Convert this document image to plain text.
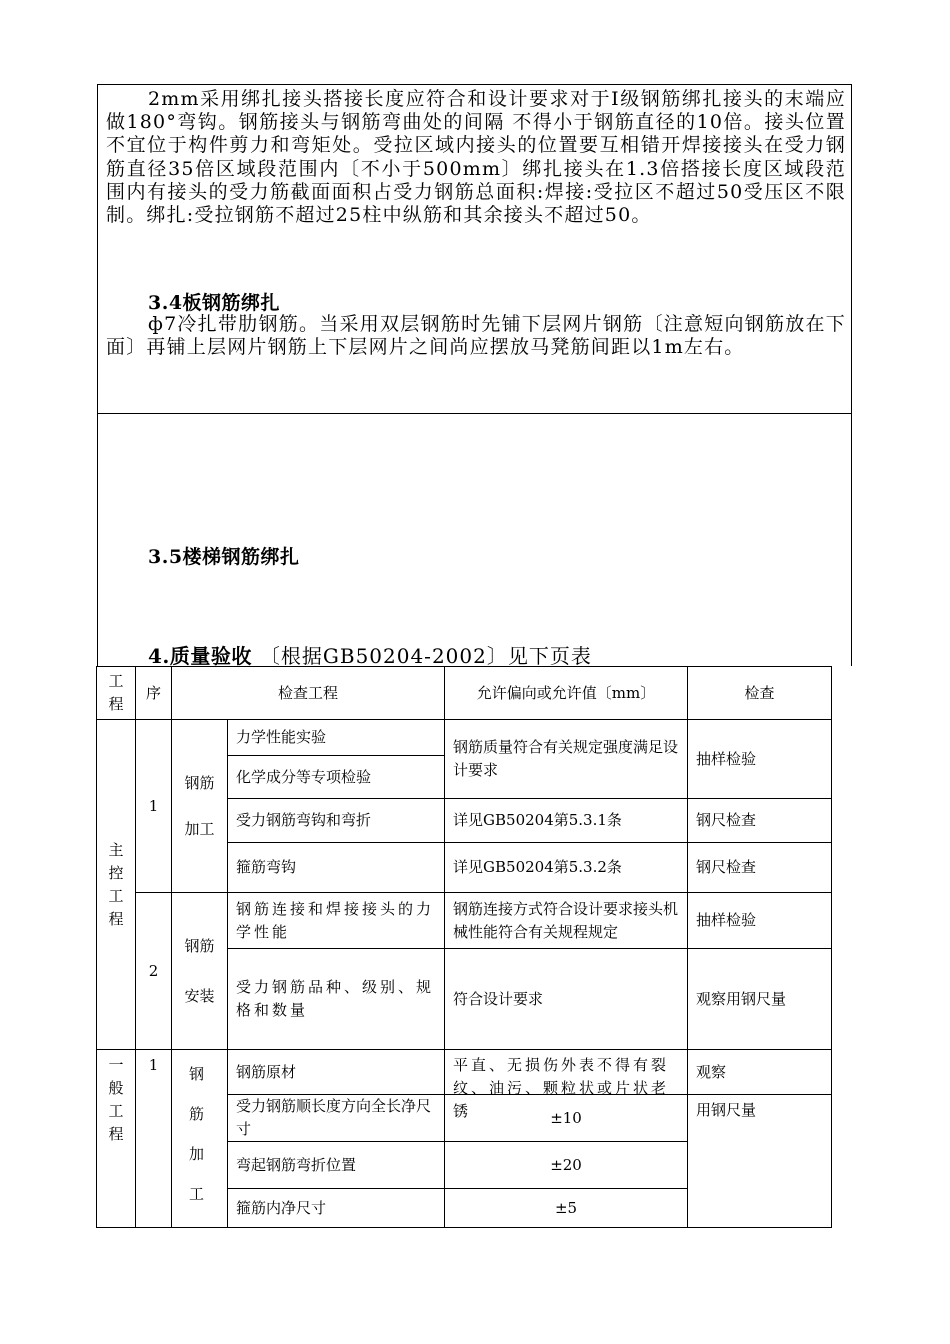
2mm采用绑扎接头搭接长度应符合和设计要求对于Ⅰ级钢筋绑扎接头的末端应做180°弯钩。钢筋接头与钢筋弯曲处的间隔 不得小于钢筋直径的10倍。接头位置不宜位于构件剪力和弯矩处。受拉区域内接头的位置要互相错开焊接接头在受力钢筋直径35倍区域段范围内〔不小于500mm〕绑扎接头在1.3倍搭接长度区域段范围内有接头的受力筋截面面积占受力钢筋总面积:焊接:受拉区不超过50受压区不限制。绑扎:受拉钢筋不超过25柱中纵筋和其余接头不超过50。
3.4板钢筋绑扎
ф7冷扎带肋钢筋。当采用双层钢筋时先铺下层网片钢筋〔注意短向钢筋放在下面〕再铺上层网片钢筋上下层网片之间尚应摆放马凳筋间距以1m左右。
3.5楼梯钢筋绑扎
4.质量验收 〔根据GB50204-2002〕见下页表
工程	序	检查工程		允许偏向或允许值〔mm〕	检查

主控工程	1	钢筋加工	力学性能实验	钢筋质量符合有关规定强度满足设计要求	抽样检验
			化学成分等专项检验		
			受力钢筋弯钩和弯折	详见GB50204第5.3.1条	钢尺检查
			箍筋弯钩	详见GB50204第5.3.2条	钢尺检查
	2	钢筋安装	钢筋连接和焊接接头的力学性能	钢筋连接方式符合设计要求接头机械性能符合有关规程规定	抽样检验
			受力钢筋品种、级别、规格和数量	符合设计要求	观察用钢尺量

一般工程	1	钢筋加工	钢筋原材	平直、无损伤外表不得有裂纹、油污、颗粒状或片状老锈	观察
			受力钢筋顺长度方向全长净尺寸	±10	用钢尺量
			弯起钢筋弯折位置	±20	
			箍筋内净尺寸	±5	
